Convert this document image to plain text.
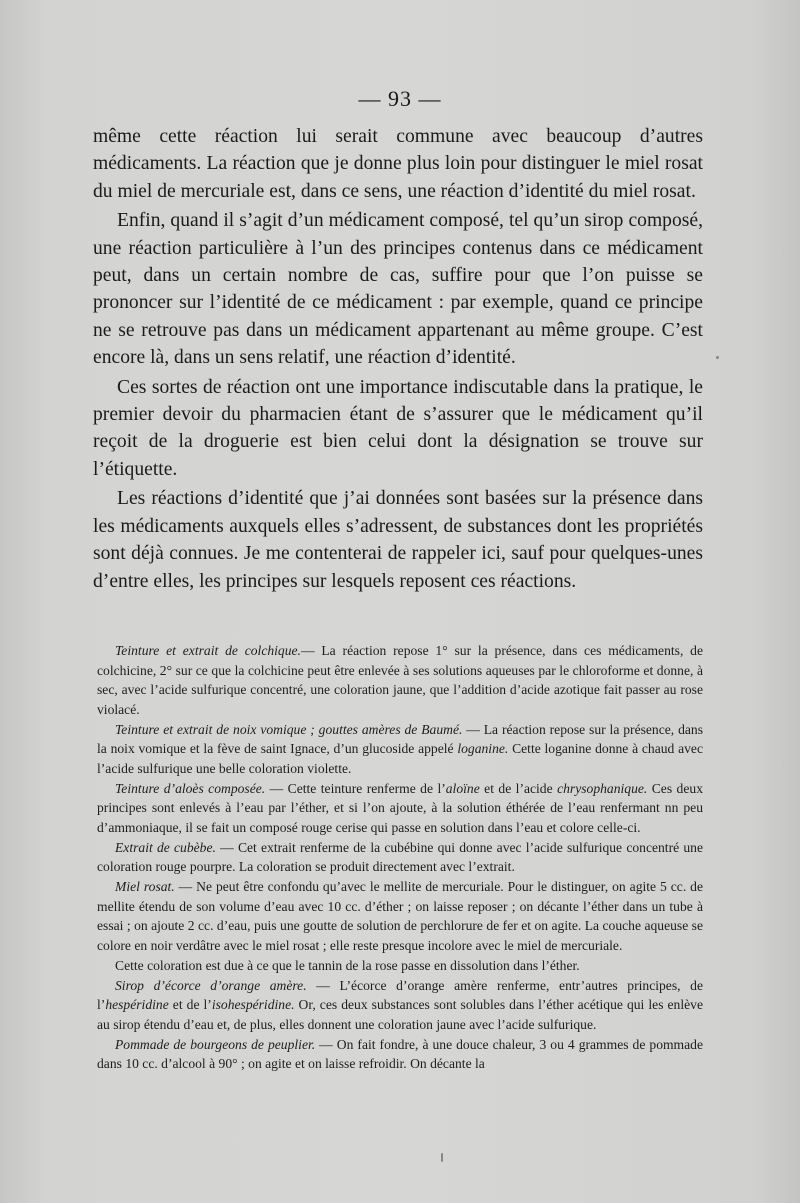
— 93 —

même cette réaction lui serait commune avec beaucoup d’autres médicaments. La réaction que je donne plus loin pour distinguer le miel rosat du miel de mercuriale est, dans ce sens, une réaction d’identité du miel rosat.

Enfin, quand il s’agit d’un médicament composé, tel qu’un sirop composé, une réaction particulière à l’un des principes contenus dans ce médicament peut, dans un certain nombre de cas, suffire pour que l’on puisse se prononcer sur l’identité de ce médicament : par exemple, quand ce principe ne se retrouve pas dans un médicament appartenant au même groupe. C’est encore là, dans un sens relatif, une réaction d’identité.

Ces sortes de réaction ont une importance indiscutable dans la pratique, le premier devoir du pharmacien étant de s’assurer que le médicament qu’il reçoit de la droguerie est bien celui dont la désignation se trouve sur l’étiquette.

Les réactions d’identité que j’ai données sont basées sur la présence dans les médicaments auxquels elles s’adressent, de substances dont les propriétés sont déjà connues. Je me contenterai de rappeler ici, sauf pour quelques-unes d’entre elles, les principes sur lesquels reposent ces réactions.

Teinture et extrait de colchique.— La réaction repose 1° sur la présence, dans ces médicaments, de colchicine, 2° sur ce que la colchicine peut être enlevée à ses solutions aqueuses par le chloroforme et donne, à sec, avec l’acide sulfurique concentré, une coloration jaune, que l’addition d’acide azotique fait passer au rose violacé.

Teinture et extrait de noix vomique ; gouttes amères de Baumé. — La réaction repose sur la présence, dans la noix vomique et la fève de saint Ignace, d’un glucoside appelé loganine. Cette loganine donne à chaud avec l’acide sulfurique une belle coloration violette.

Teinture d’aloès composée. — Cette teinture renferme de l’aloïne et de l’acide chrysophanique. Ces deux principes sont enlevés à l’eau par l’éther, et si l’on ajoute, à la solution éthérée de l’eau renfermant nn peu d’ammoniaque, il se fait un composé rouge cerise qui passe en solution dans l’eau et colore celle-ci.

Extrait de cubèbe. — Cet extrait renferme de la cubébine qui donne avec l’acide sulfurique concentré une coloration rouge pourpre. La coloration se produit directement avec l’extrait.

Miel rosat. — Ne peut être confondu qu’avec le mellite de mercuriale. Pour le distinguer, on agite 5 cc. de mellite étendu de son volume d’eau avec 10 cc. d’éther ; on laisse reposer ; on décante l’éther dans un tube à essai ; on ajoute 2 cc. d’eau, puis une goutte de solution de perchlorure de fer et on agite. La couche aqueuse se colore en noir verdâtre avec le miel rosat ; elle reste presque incolore avec le miel de mercuriale.

Cette coloration est due à ce que le tannin de la rose passe en dissolution dans l’éther.

Sirop d’écorce d’orange amère. — L’écorce d’orange amère renferme, entr’autres principes, de l’hespéridine et de l’isohespéridine. Or, ces deux substances sont solubles dans l’éther acétique qui les enlève au sirop étendu d’eau et, de plus, elles donnent une coloration jaune avec l’acide sulfurique.

Pommade de bourgeons de peuplier. — On fait fondre, à une douce chaleur, 3 ou 4 grammes de pommade dans 10 cc. d’alcool à 90° ; on agite et on laisse refroidir. On décante la
